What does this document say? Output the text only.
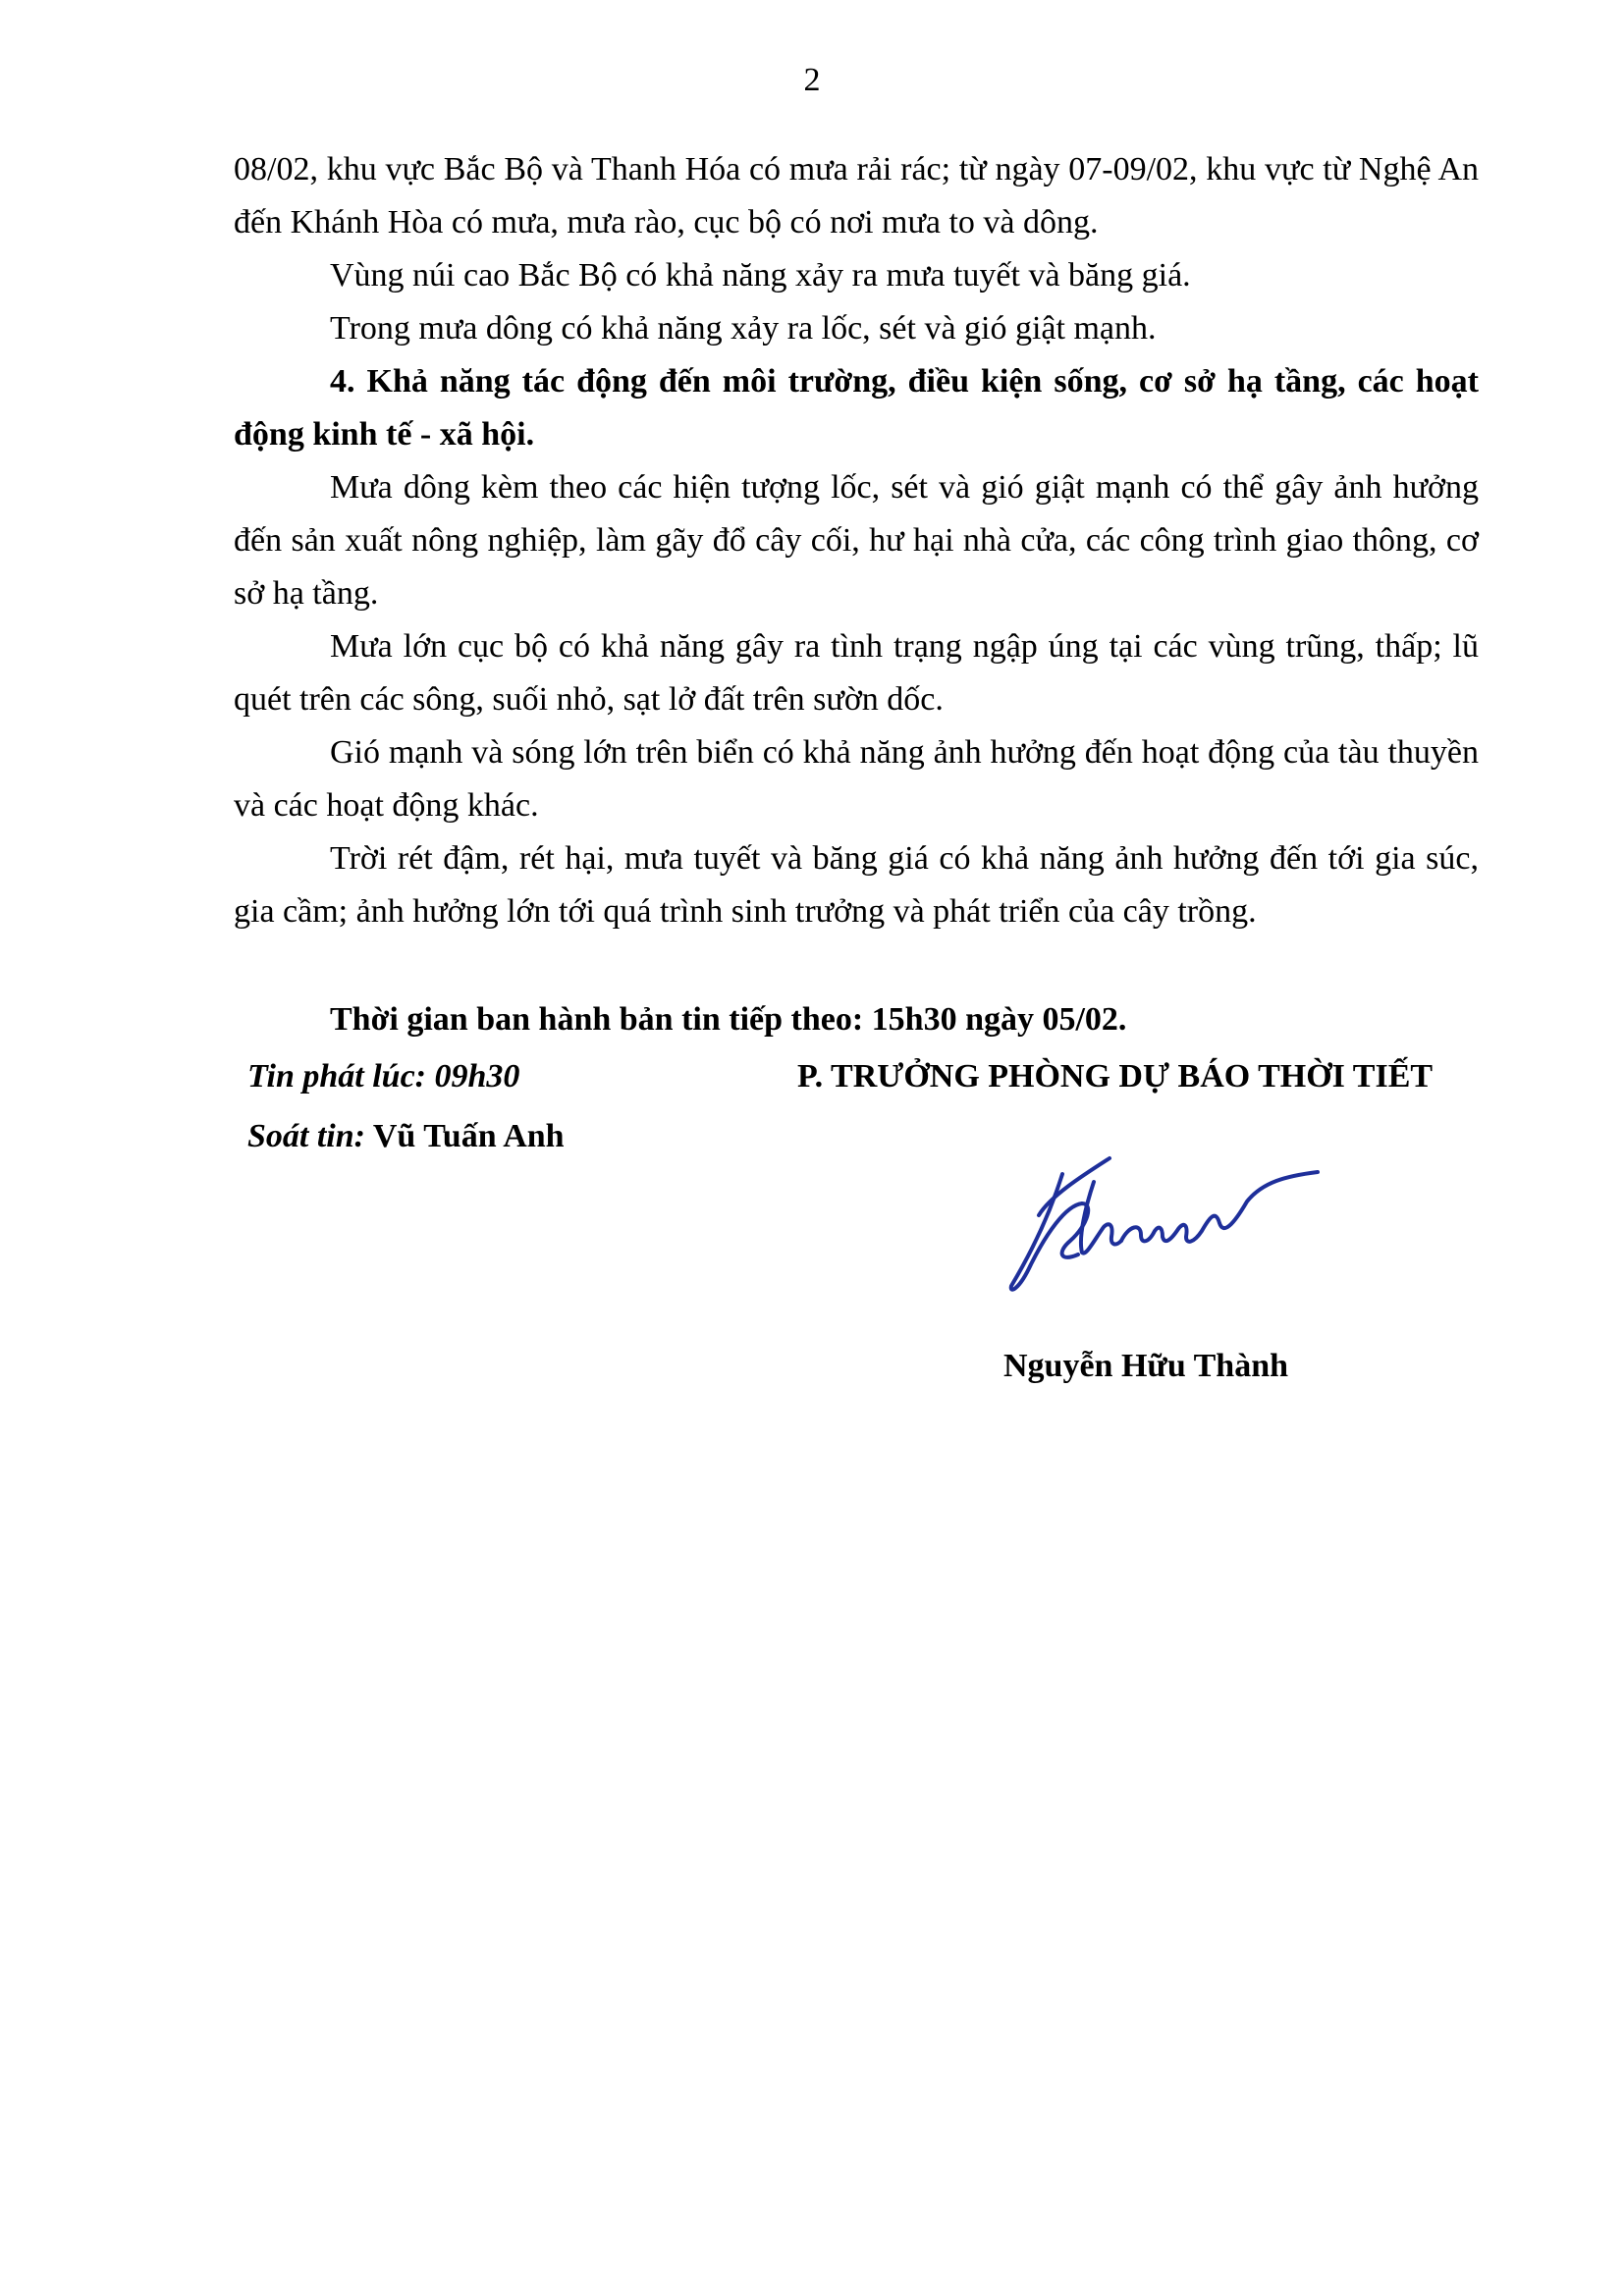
2

08/02, khu vực Bắc Bộ và Thanh Hóa có mưa rải rác; từ ngày 07-09/02, khu vực từ Nghệ An đến Khánh Hòa có mưa, mưa rào, cục bộ có nơi mưa to và dông.

Vùng núi cao Bắc Bộ có khả năng xảy ra mưa tuyết và băng giá.

Trong mưa dông có khả năng xảy ra lốc, sét và gió giật mạnh.

4. Khả năng tác động đến môi trường, điều kiện sống, cơ sở hạ tầng, các hoạt động kinh tế - xã hội.

Mưa dông kèm theo các hiện tượng lốc, sét và gió giật mạnh có thể gây ảnh hưởng đến sản xuất nông nghiệp, làm gãy đổ cây cối, hư hại nhà cửa, các công trình giao thông, cơ sở hạ tầng.

Mưa lớn cục bộ có khả năng gây ra tình trạng ngập úng tại các vùng trũng, thấp; lũ quét trên các sông, suối nhỏ, sạt lở đất trên sườn dốc.

Gió mạnh và sóng lớn trên biển có khả năng ảnh hưởng đến hoạt động của tàu thuyền và các hoạt động khác.

Trời rét đậm, rét hại, mưa tuyết và băng giá có khả năng ảnh hưởng đến tới gia súc, gia cầm; ảnh hưởng lớn tới quá trình sinh trưởng và phát triển của cây trồng.

Thời gian ban hành bản tin tiếp theo: 15h30 ngày 05/02.
Tin phát lúc: 09h30
Soát tin: Vũ Tuấn Anh
P. TRƯỞNG PHÒNG DỰ BÁO THỜI TIẾT
Nguyễn Hữu Thành
